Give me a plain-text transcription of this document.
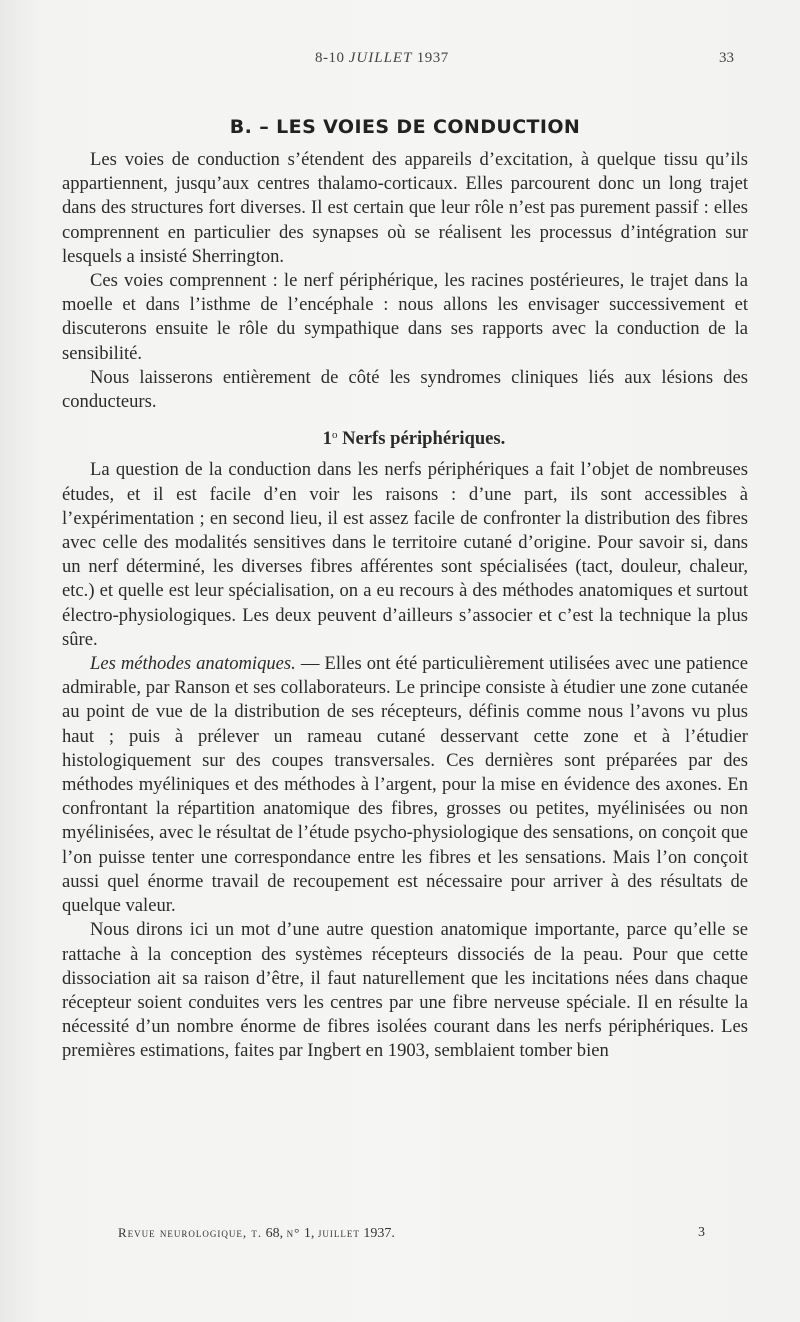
8-10 JUILLET 1937	33
B. – LES VOIES DE CONDUCTION

Les voies de conduction s’étendent des appareils d’excitation, à quelque tissu qu’ils appartiennent, jusqu’aux centres thalamo-corticaux. Elles parcourent donc un long trajet dans des structures fort diverses. Il est certain que leur rôle n’est pas purement passif : elles comprennent en particulier des synapses où se réalisent les processus d’intégration sur lesquels a insisté Sherrington.

Ces voies comprennent : le nerf périphérique, les racines postérieures, le trajet dans la moelle et dans l’isthme de l’encéphale : nous allons les envisager successivement et discuterons ensuite le rôle du sympathique dans ses rapports avec la conduction de la sensibilité.

Nous laisserons entièrement de côté les syndromes cliniques liés aux lésions des conducteurs.

1$^o$ Nerfs périphériques.

La question de la conduction dans les nerfs périphériques a fait l’objet de nombreuses études, et il est facile d’en voir les raisons : d’une part, ils sont accessibles à l’expérimentation ; en second lieu, il est assez facile de confronter la distribution des fibres avec celle des modalités sensitives dans le territoire cutané d’origine. Pour savoir si, dans un nerf déterminé, les diverses fibres afférentes sont spécialisées (tact, douleur, chaleur, etc.) et quelle est leur spécialisation, on a eu recours à des méthodes anatomiques et surtout électro-physiologiques. Les deux peuvent d’ailleurs s’associer et c’est la technique la plus sûre.

Les méthodes anatomiques. — Elles ont été particulièrement utilisées avec une patience admirable, par Ranson et ses collaborateurs. Le principe consiste à étudier une zone cutanée au point de vue de la distribution de ses récepteurs, définis comme nous l’avons vu plus haut ; puis à prélever un rameau cutané desservant cette zone et à l’étudier histologiquement sur des coupes transversales. Ces dernières sont préparées par des méthodes myéliniques et des méthodes à l’argent, pour la mise en évidence des axones. En confrontant la répartition anatomique des fibres, grosses ou petites, myélinisées ou non myélinisées, avec le résultat de l’étude psycho-physiologique des sensations, on conçoit que l’on puisse tenter une correspondance entre les fibres et les sensations. Mais l’on conçoit aussi quel énorme travail de recoupement est nécessaire pour arriver à des résultats de quelque valeur.

Nous dirons ici un mot d’une autre question anatomique importante, parce qu’elle se rattache à la conception des systèmes récepteurs dissociés de la peau. Pour que cette dissociation ait sa raison d’être, il faut naturellement que les incitations nées dans chaque récepteur soient conduites vers les centres par une fibre nerveuse spéciale. Il en résulte la nécessité d’un nombre énorme de fibres isolées courant dans les nerfs périphériques. Les premières estimations, faites par Ingbert en 1903, semblaient tomber bien

Revue neurologique, t. 68, n° 1, juillet 1937.	3
